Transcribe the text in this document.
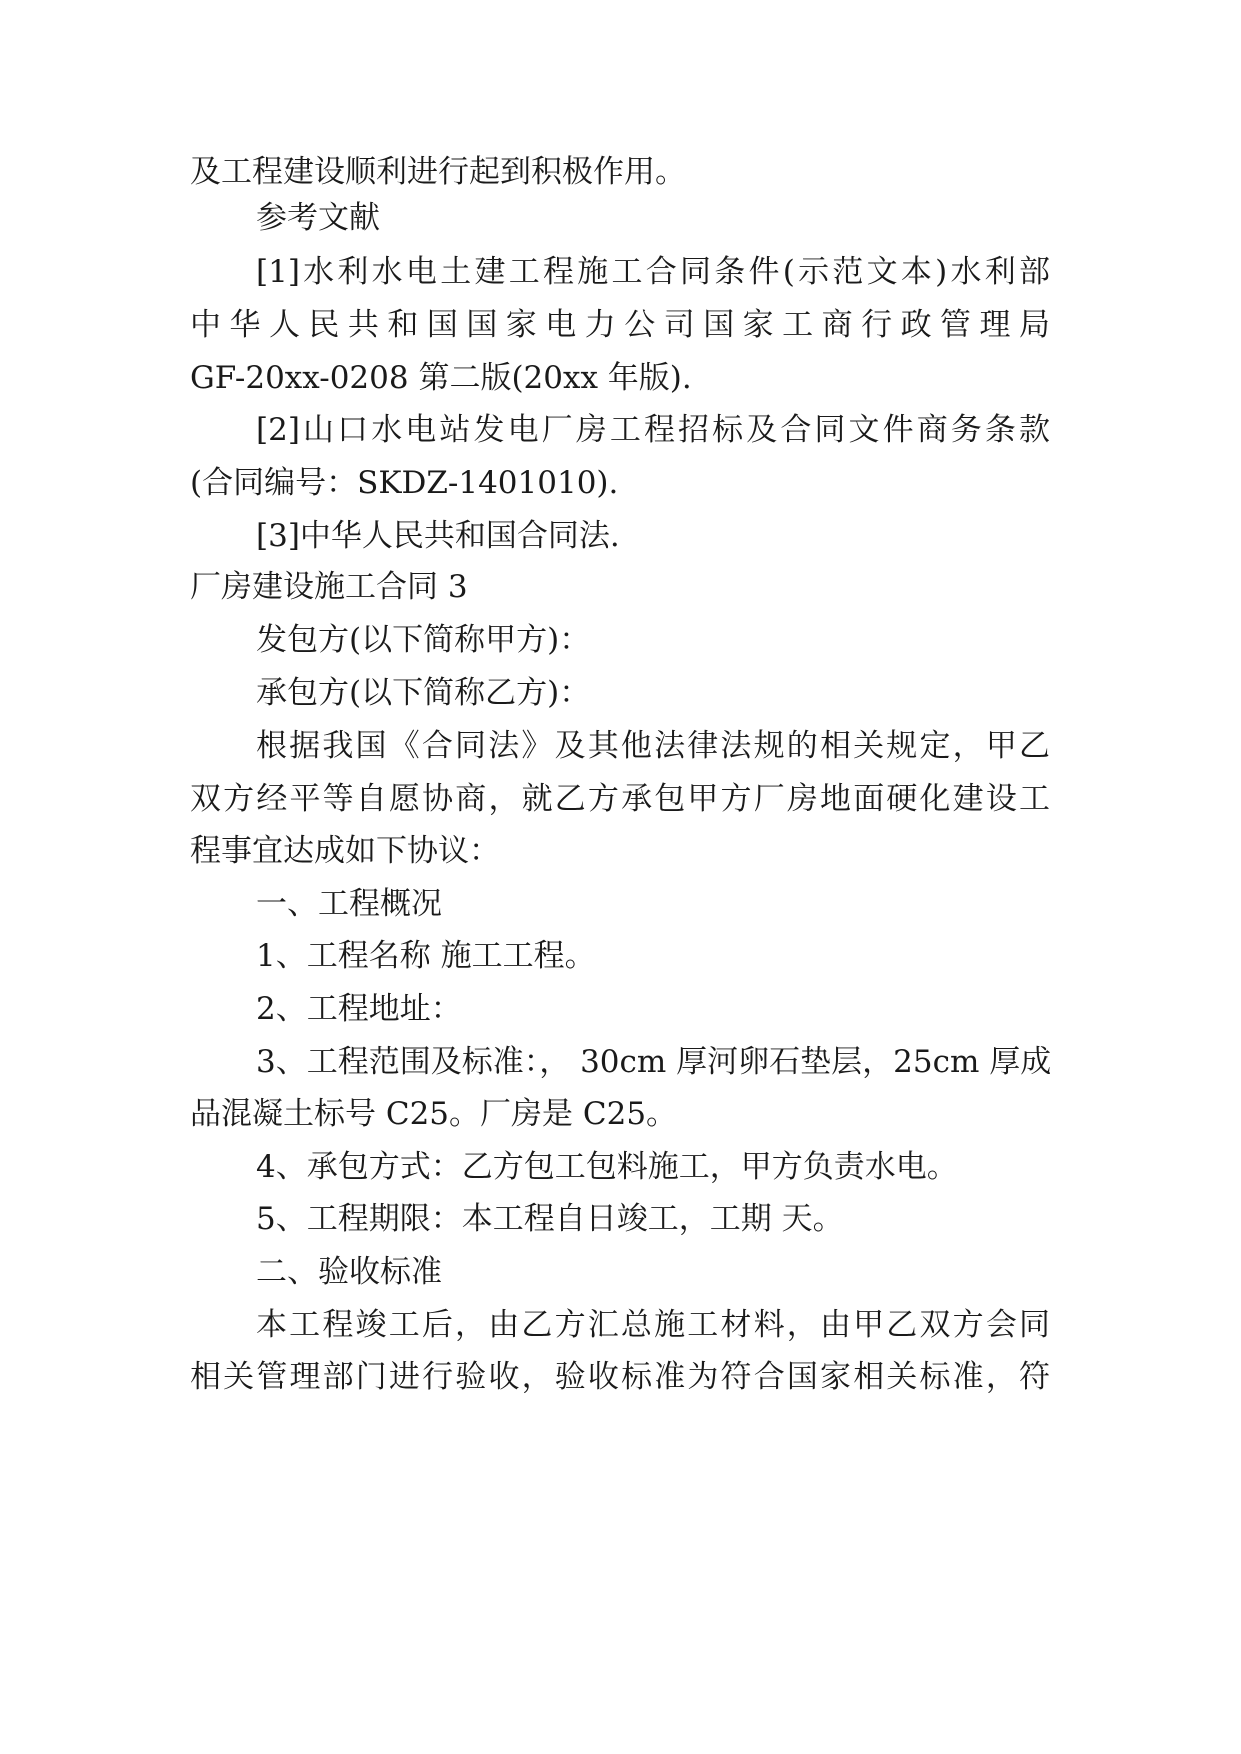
及工程建设顺利进行起到积极作用。
参考文献
[1]水利水电土建工程施工合同条件(示范文本)水利部
中华人民共和国国家电力公司国家工商行政管理局
GF-20xx-0208 第二版(20xx 年版).
[2]山口水电站发电厂房工程招标及合同文件商务条款
(合同编号：SKDZ-1401010).
[3]中华人民共和国合同法.
厂房建设施工合同 3
发包方(以下简称甲方)：
承包方(以下简称乙方)：
根据我国《合同法》及其他法律法规的相关规定，甲乙
双方经平等自愿协商，就乙方承包甲方厂房地面硬化建设工
程事宜达成如下协议：
一、工程概况
1、工程名称 施工工程。
2、工程地址：
3、工程范围及标准：， 30cm 厚河卵石垫层，25cm 厚成
品混凝土标号 C25。厂房是 C25。
4、承包方式：乙方包工包料施工，甲方负责水电。
5、工程期限：本工程自日竣工，工期 天。
二、验收标准
本工程竣工后，由乙方汇总施工材料，由甲乙双方会同
相关管理部门进行验收，验收标准为符合国家相关标准，符
